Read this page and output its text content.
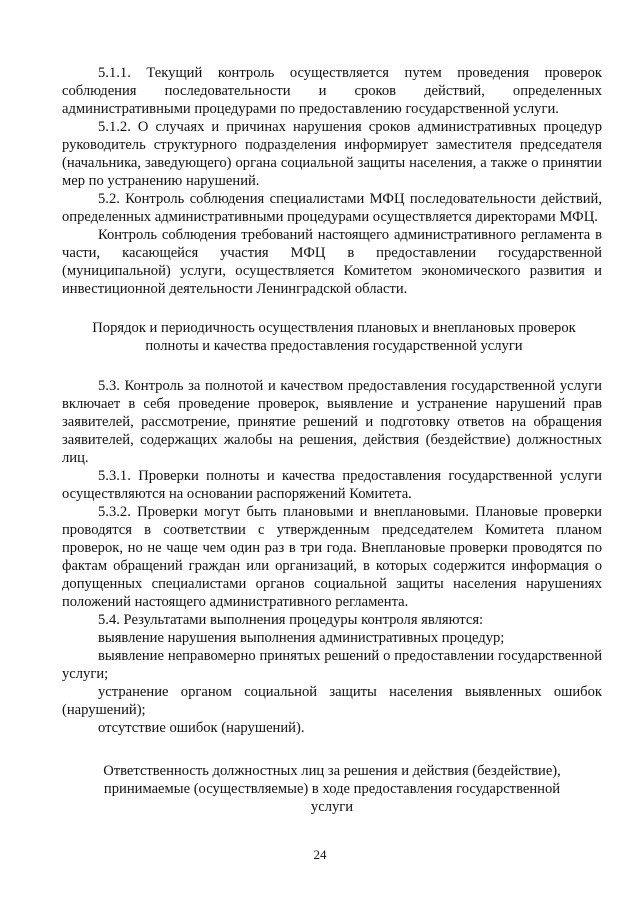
5.1.1. Текущий контроль осуществляется путем проведения проверок соблюдения последовательности и сроков действий, определенных административными процедурами по предоставлению государственной услуги.

5.1.2. О случаях и причинах нарушения сроков административных процедур руководитель структурного подразделения информирует заместителя председателя (начальника, заведующего) органа социальной защиты населения, а также о принятии мер по устранению нарушений.

5.2. Контроль соблюдения специалистами МФЦ последовательности действий, определенных административными процедурами осуществляется директорами МФЦ.

Контроль соблюдения требований настоящего административного регламента в части, касающейся участия МФЦ в предоставлении государственной (муниципальной) услуги, осуществляется Комитетом экономического развития и инвестиционной деятельности Ленинградской области.

Порядок и периодичность осуществления плановых и внеплановых проверок полноты и качества предоставления государственной услуги

5.3. Контроль за полнотой и качеством предоставления государственной услуги включает в себя проведение проверок, выявление и устранение нарушений прав заявителей, рассмотрение, принятие решений и подготовку ответов на обращения заявителей, содержащих жалобы на решения, действия (бездействие) должностных лиц.

5.3.1. Проверки полноты и качества предоставления государственной услуги осуществляются на основании распоряжений Комитета.

5.3.2. Проверки могут быть плановыми и внеплановыми. Плановые проверки проводятся в соответствии с утвержденным председателем Комитета планом проверок, но не чаще чем один раз в три года. Внеплановые проверки проводятся по фактам обращений граждан или организаций, в которых содержится информация о допущенных специалистами органов социальной защиты населения нарушениях положений настоящего административного регламента.

5.4. Результатами выполнения процедуры контроля являются:

выявление нарушения выполнения административных процедур;

выявление неправомерно принятых решений о предоставлении государственной услуги;

устранение органом социальной защиты населения выявленных ошибок (нарушений);

отсутствие ошибок (нарушений).

Ответственность должностных лиц за решения и действия (бездействие), принимаемые (осуществляемые) в ходе предоставления государственной услуги

24
